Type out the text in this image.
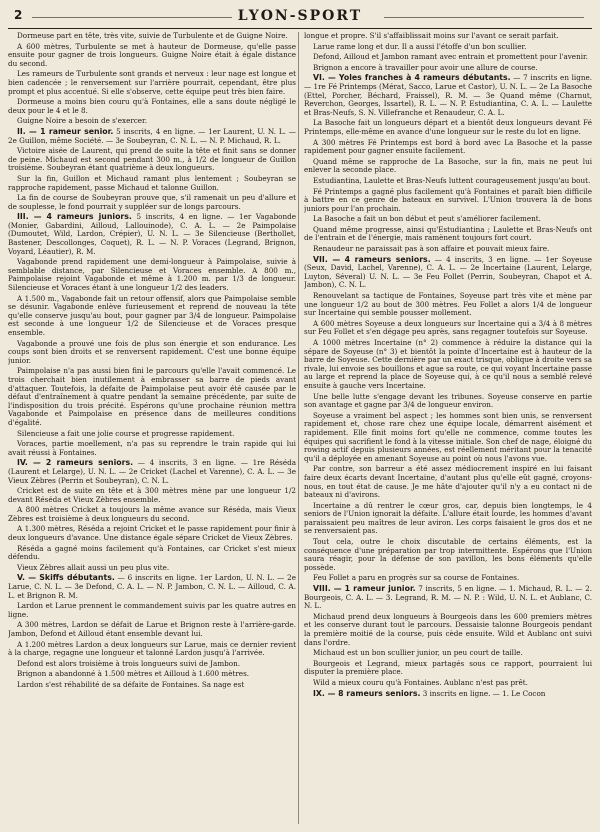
2	LYON-SPORT

Dormeuse part en tête, très vite, suivie de Turbulente et de Guigne Noire.

A 600 mètres, Turbulente se met à hauteur de Dormeuse, qu'elle passe ensuite pour gagner de trois longueurs. Guigne Noire était à égale distance du second.

Les rameurs de Turbulente sont grands et nerveux : leur nage est longue et bien cadencée ; le renversement sur l'arrière pourrait, cependant, être plus prompt et plus accentué. Si elle s'observe, cette équipe peut très bien faire.

Dormeuse a moins bien couru qu'à Fontaines, elle a sans doute négligé le deux pour le 4 et le 8.

Guigne Noire a besoin de s'exercer.

II. — 1 rameur senior. 5 inscrits, 4 en ligne. — 1er Laurent, U. N. L. — 2e Guillon, même Société. — 3e Soubeyran, C. N. L. — N. P. Michaud, R. L.

Victoire aisée de Laurent, qui prend de suite la tête et finit sans se donner de peine. Michaud est second pendant 300 m., à 1/2 de longueur de Guillon troisième. Soubeyran étant quatrième à deux longueurs.

Sur la fin, Guillon et Michaud ramant plus lentement ; Soubeyran se rapproche rapidement, passe Michaud et talonne Guillon.

La fin de course de Soubeyran prouve que, s'il ramenait un peu d'allure et de souplesse, le fond pourrait y suppléer sur de longs parcours.

III. — 4 rameurs juniors. 5 inscrits, 4 en ligne. — 1er Vagabonde (Monier, Gabardini, Ailloud, Lallouinode), C. A. L. — 2e Paimpolaise (Dumoutet, Wild, Lardon, Crépier), U. N. L. — 3e Silencieuse (Berthollet, Bastener, Descollonges, Coquet), R. L. — N. P. Voraces (Legrand, Brignon, Voyard, Léautier), R. M.

Vagabonde prend rapidement une demi-longueur à Paimpolaise, suivie à semblable distance, par Silencieuse et Voraces ensemble. A 800 m., Paimpolaise rejoint Vagabonde et même à 1.200 m. par 1/3 de longueur. Silencieuse et Voraces étant à une longueur 1/2 des leaders.

A 1.500 m., Vagabonde fait un retour offensif, alors que Paimpolaise semble se désunir. Vagabonde enlève furieusement et reprend de nouveau la tête qu'elle conserve jusqu'au bout, pour gagner par 3/4 de longueur. Paimpolaise est seconde à une longueur 1/2 de Silencieuse et de Voraces presque ensemble.

Vagabonde a prouvé une fois de plus son énergie et son endurance. Les coups sont bien droits et se renversent rapidement. C'est une bonne équipe junior.

Paimpolaise n'a pas aussi bien fini le parcours qu'elle l'avait commencé. Le trois cherchait bien inutilement à embrasser sa barre de pieds avant d'attaquer. Toutefois, la défaite de Paimpolaise peut avoir été causée par le défaut d'entraînement à quatre pendant la semaine précédente, par suite de l'indisposition du trois précité. Espérons qu'une prochaine réunion mettra Vagabonde et Paimpolaise en présence dans de meilleures conditions d'égalité.

Silencieuse a fait une jolie course et progresse rapidement.

Voraces, partie moellement, n'a pas su reprendre le train rapide qui lui avait réussi à Fontaines.

IV. — 2 rameurs seniors. — 4 inscrits, 3 en ligne. — 1re Réséda (Laurent et Lelarge), U. N. L. — 2e Cricket (Lachel et Varenne), C. A. L. — 3e Vieux Zèbres (Perrin et Soubeyran), C. N. L.

Cricket est de suite en tête et à 300 mètres mène par une longueur 1/2 devant Réséda et Vieux Zèbres ensemble.

A 800 mètres Cricket a toujours la même avance sur Réséda, mais Vieux Zèbres est troisième à deux longueurs du second.

A 1.300 mètres, Réséda a rejoint Cricket et le passe rapidement pour finir à deux longueurs d'avance. Une distance égale sépare Cricket de Vieux Zèbres.

Réséda a gagné moins facilement qu'à Fontaines, car Cricket s'est mieux défendu.

Vieux Zèbres allait aussi un peu plus vite.

V. — Skiffs débutants. — 6 inscrits en ligne. 1er Lardon, U. N. L. — 2e Larue, C. N. L. — 3e Defond, C. A. L. — N. P. Jambon, C. N. L. — Ailloud, C. A. L. et Brignon R. M.

Lardon et Larue prennent le commandement suivis par les quatre autres en ligne.

A 300 mètres, Lardon se défait de Larue et Brignon reste à l'arrière-garde. Jambon, Defond et Ailloud étant ensemble devant lui.

A 1.200 mètres Lardon a deux longueurs sur Larue, mais ce dernier revient à la charge, regagne une longueur et talonné Lardon jusqu'à l'arrivée.

Defond est alors troisième à trois longueurs suivi de Jambon.

Brignon a abandonné à 1.500 mètres et Ailloud à 1.600 mètres.

Lardon s'est réhabilité de sa défaite de Fontaines. Sa nage est

longue et propre. S'il s'affaiblissait moins sur l'avant ce serait parfait.

Larue rame long et dur. Il a aussi l'étoffe d'un bon scullier.

Defond, Ailloud et Jambon ramant avec entrain et promettent pour l'avenir.

Brignon a encore à travailler pour avoir une allure de course.

VI. — Yoles franches à 4 rameurs débutants. — 7 inscrits en ligne. — 1re Fé Printemps (Mérat, Sacco, Larue et Castor), U. N. L. — 2e La Basoche (Ettel, Porcher, Béchard, Fraissel), R. M. — 3e Quand même (Charnut, Reverchon, Georges, Issartel), R. L. — N. P. Estudiantina, C. A. L. — Laulette et Bras-Neufs, S. N. Villefranche et Renaudeur, C. A. L.

La Basoche fait un longueurs départ et a bientôt deux longueurs devant Fé Printemps, elle-même en avance d'une longueur sur le reste du lot en ligne.

A 300 mètres Fé Printemps est bord à bord avec La Basoche et la passe rapidement pour gagner ensuite facilement.

Quand même se rapproche de La Basoche, sur la fin, mais ne peut lui enlever la seconde place.

Estudiantina, Laulette et Bras-Neufs luttent courageusement jusqu'au bout.

Fé Printemps a gagné plus facilement qu'à Fontaines et paraît bien difficile à battre en ce genre de bateaux en survivel. L'Union trouvera là de bons juniors pour l'an prochain.

La Basoche a fait un bon début et peut s'améliorer facilement.

Quand même progresse, ainsi qu'Estudiantina ; Laulette et Bras-Neufs ont de l'entrain et de l'énergie, mais ramènent toujours fort court.

Renaudeur ne paraissait pas à son affaire et pouvait mieux faire.

VII. — 4 rameurs seniors. — 4 inscrits, 3 en ligne. — 1er Soyeuse (Seux, David, Lachel, Varenne), C. A. L. — 2e Incertaine (Laurent, Lelarge, Luyton, Séveral) U. N. L. — 3e Feu Follet (Perrin, Soubeyran, Chapot et A. Jambon), C. N. L.

Renouvelant sa tactique de Fontaines, Soyeuse part très vite et mène par une longueur 1/2 au bout de 300 mètres. Feu Follet a alors 1/4 de longueur sur Incertaine qui semble pousser mollement.

A 600 mètres Soyeuse a deux longueurs sur Incertaine qui a 3/4 à 8 mètres sur Feu Follet et s'en dégage peu après, sans regagner toutefois sur Soyeuse.

A 1000 mètres Incertaine (n° 2) commence à réduire la distance qui la sépare de Soyeuse (n° 3) et bientôt la pointe d'Incertaine est à hauteur de la barre de Soyeuse. Cette dernière par un exact trisque, oblique à droite vers sa rivale, lui envoie ses bouillons et ague sa route, ce qui voyant Incertaine passe au large et reprend la place de Soyeuse qui, à ce qu'il nous a semblé relevé ensuite à gauche vers Incertaine.

Une belle lutte s'engage devant les tribunes. Soyeuse conserve en partie son avantage et gagne par 3/4 de longueur environ.

Soyeuse a vraiment bel aspect ; les hommes sont bien unis, se renversent rapidement et, chose rare chez une équipe locale, démarrent aisément et rapidement. Elle finit moins fort qu'elle ne commence, comme toutes les équipes qui sacrifient le fond à la vitesse initiale. Son chef de nage, éloigné du rowing actif depuis plusieurs années, est réellement méritant pour la tenacité qu'il a déployée en amenant Soyeuse au point où nous l'avons vue.

Par contre, son barreur a été assez médiocrement inspiré en lui faisant faire deux écarts devant Incertaine, d'autant plus qu'elle eût gagné, croyons-nous, en tout état de cause. Je me hâte d'ajouter qu'il n'y a eu contact ni de bateaux ni d'avirons.

Incertaine a dû rentrer le cœur gros, car, depuis bien longtemps, le 4 seniors de l'Union ignorait la défaite. L'allure était lourde, les hommes d'avant paraissaient peu maîtres de leur aviron. Les corps faisaient le gros dos et ne se renversaient pas.

Tout cela, outre le choix discutable de certains éléments, est la conséquence d'une préparation par trop intermittente. Espérons que l'Union saura réagir, pour la défense de son pavillon, les bons éléments qu'elle possède.

Feu Follet a paru en progrès sur sa course de Fontaines.

VIII. — 1 rameur junior. 7 inscrits, 5 en ligne. — 1. Michaud, R. L. — 2. Bourgeois, C. A. L. — 3. Legrand, R. M. — N. P. : Wild, U. N. L. et Aublanc, C. N. L.

Michaud prend deux longueurs à Bourgeois dans les 600 premiers mètres et les conserve durant tout le parcours. Dessaisie talonne Bourgeois pendant la première moitié de la course, puis cède ensuite. Wild et Aublanc ont suivi dans l'ordre.

Michaud est un bon scullier junior, un peu court de taille.

Bourgeois et Legrand, mieux partagés sous ce rapport, pourraient lui disputer la première place.

Wild a mieux couru qu'à Fontaines. Aublanc n'est pas prêt.

IX. — 8 rameurs seniors. 3 inscrits en ligne. — 1. Le Cocon
